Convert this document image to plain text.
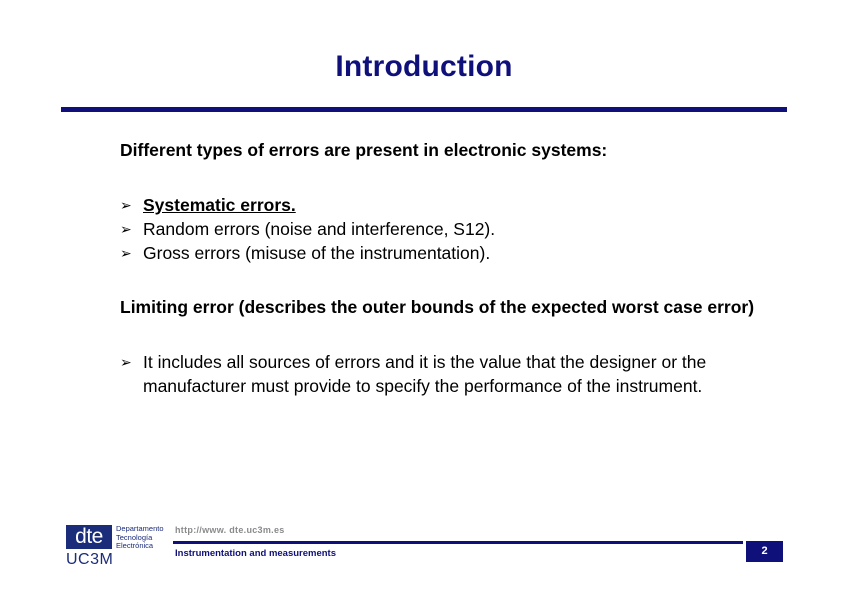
Introduction

Different types of errors are present in electronic systems:

➢ Systematic errors.
➢ Random errors (noise and interference, S12).
➢ Gross errors (misuse of the instrumentation).

Limiting error (describes the outer bounds of the expected worst case error)

➢ It includes all sources of errors and it is the value that the designer or the manufacturer must provide to specify the performance of the instrument.
dte	Departamento
Tecnología
Electrónica
UC3M
http://www. dte.uc3m.es
Instrumentation and measurements	2
